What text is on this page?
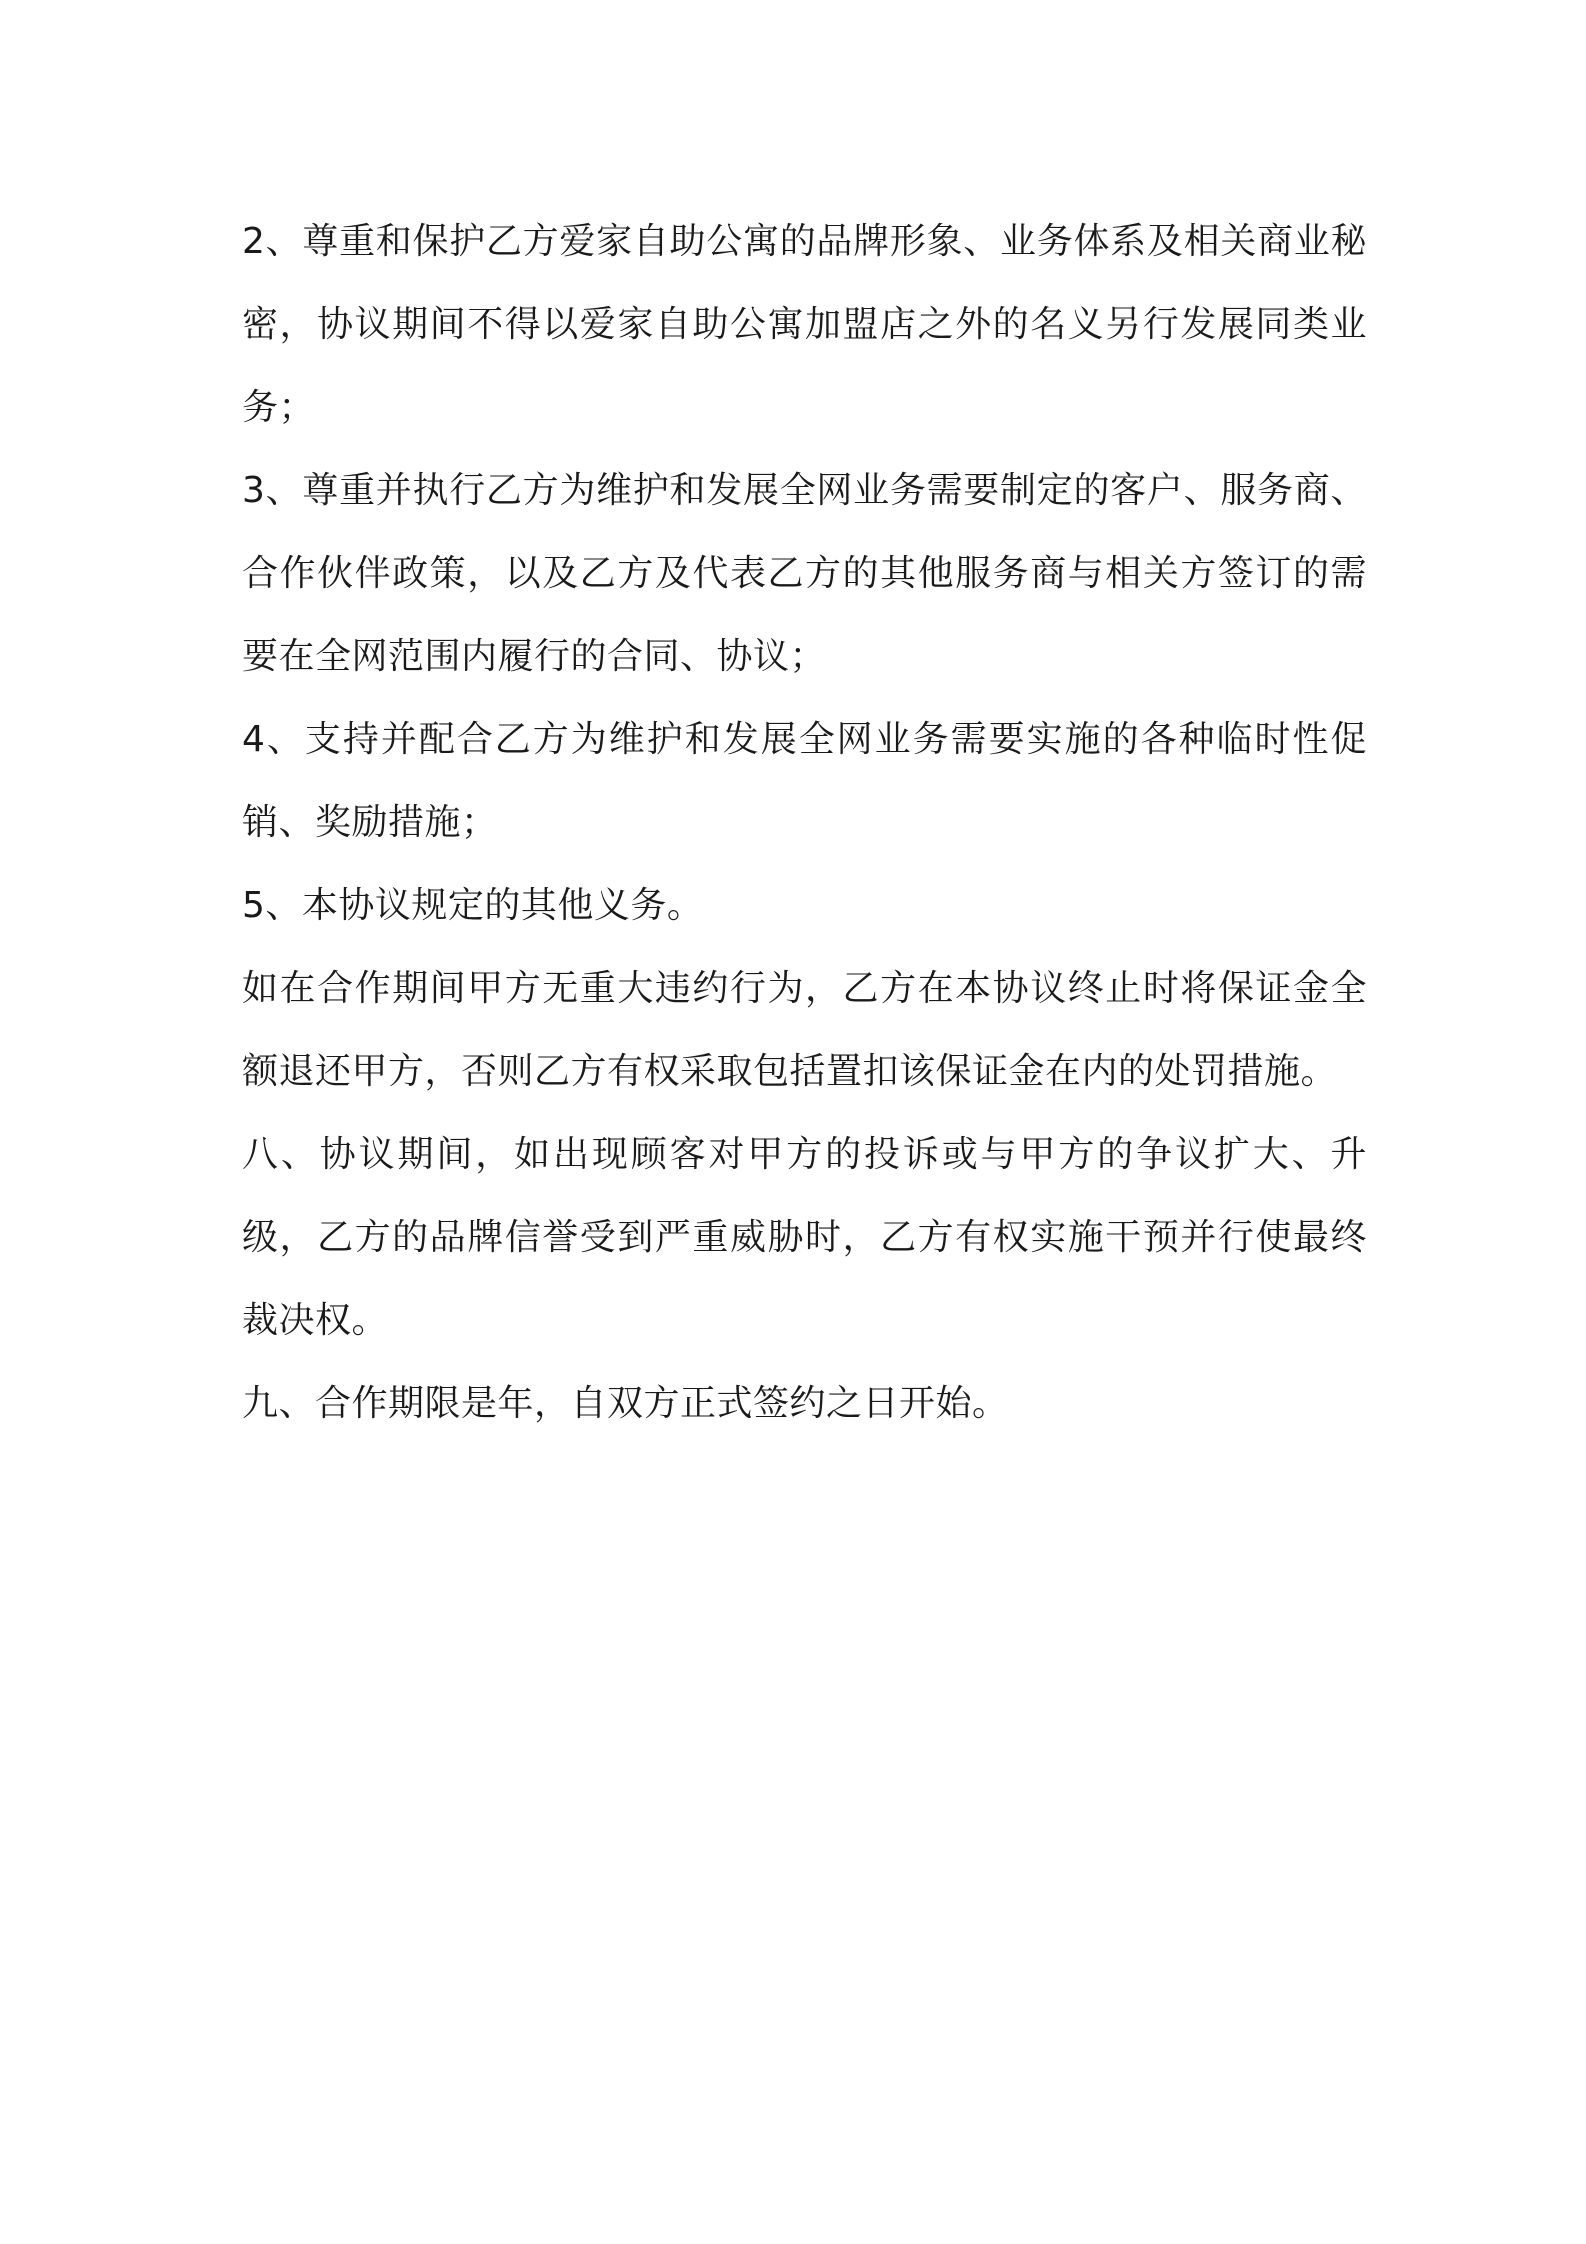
2、尊重和保护乙方爱家自助公寓的品牌形象、业务体系及相关商业秘密，协议期间不得以爱家自助公寓加盟店之外的名义另行发展同类业务；

3、尊重并执行乙方为维护和发展全网业务需要制定的客户、服务商、合作伙伴政策，以及乙方及代表乙方的其他服务商与相关方签订的需要在全网范围内履行的合同、协议；

4、支持并配合乙方为维护和发展全网业务需要实施的各种临时性促销、奖励措施；

5、本协议规定的其他义务。

如在合作期间甲方无重大违约行为，乙方在本协议终止时将保证金全额退还甲方，否则乙方有权采取包括置扣该保证金在内的处罚措施。

八、协议期间，如出现顾客对甲方的投诉或与甲方的争议扩大、升级，乙方的品牌信誉受到严重威胁时，乙方有权实施干预并行使最终裁决权。

九、合作期限是年，自双方正式签约之日开始。
